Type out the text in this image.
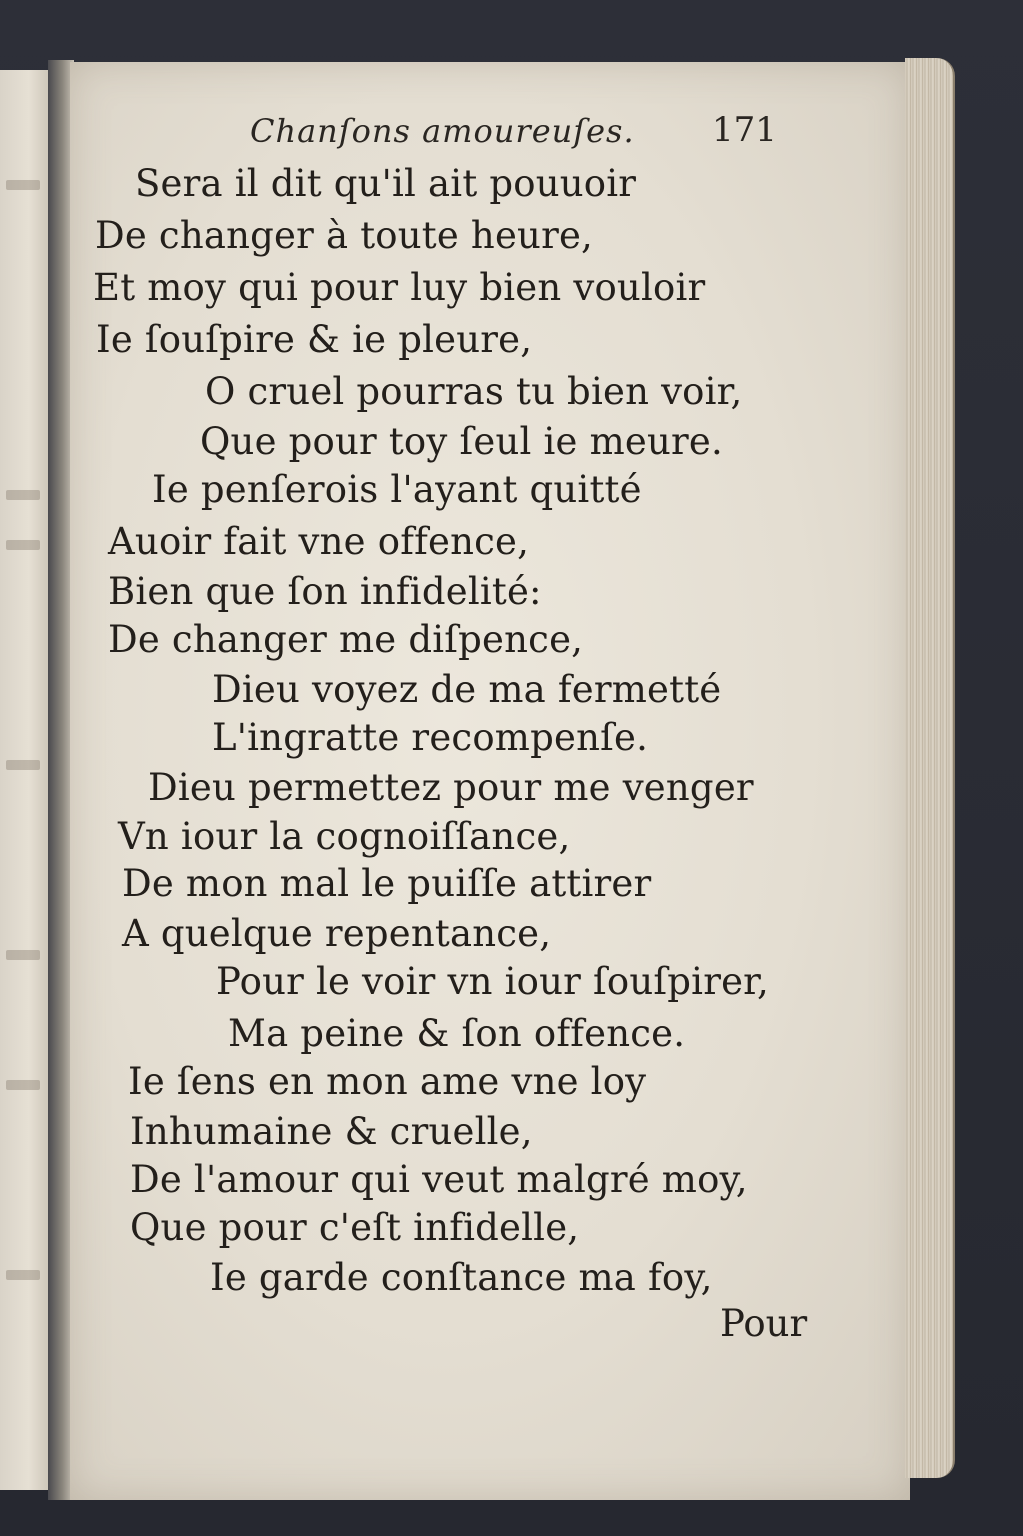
Chanſons amoureuſes. 171
Sera il dit qu'il ait pouuoir
De changer à toute heure,
Et moy qui pour luy bien vouloir
Ie ſouſpire & ie pleure,
O cruel pourras tu bien voir,
Que pour toy ſeul ie meure.
Ie penſerois l'ayant quitté
Auoir fait vne offence,
Bien que ſon infidelité:
De changer me diſpence,
Dieu voyez de ma fermetté
L'ingratte recompenſe.
Dieu permettez pour me venger
Vn iour la cognoiſſance,
De mon mal le puiſſe attirer
A quelque repentance,
Pour le voir vn iour ſouſpirer,
Ma peine & ſon offence.
Ie ſens en mon ame vne loy
Inhumaine & cruelle,
De l'amour qui veut malgré moy,
Que pour c'eſt infidelle,
Ie garde conſtance ma foy,
Pour
